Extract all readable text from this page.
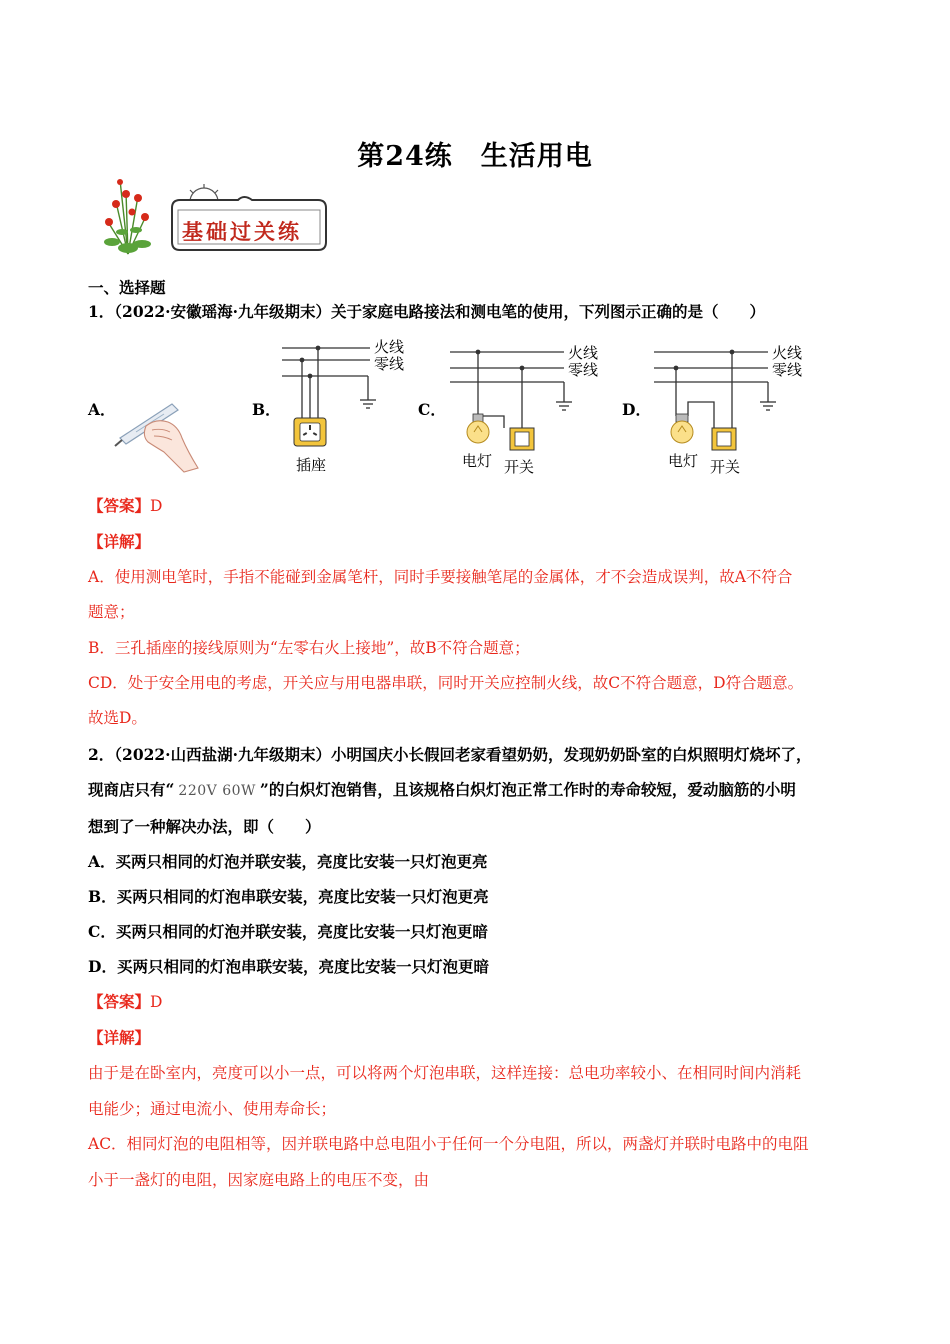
第24练 生活用电
基础过关练
一、选择题
1．（2022·安徽瑶海·九年级期末）关于家庭电路接法和测电笔的使用，下列图示正确的是（　　）
A．	B．	C．	D．
火线
零线
插座
火线
零线
电灯 开关
火线
零线
电灯 开关
【答案】D
【详解】
A．使用测电笔时，手指不能碰到金属笔杆，同时手要接触笔尾的金属体，才不会造成误判，故A不符合
题意；
B．三孔插座的接线原则为“左零右火上接地”，故B不符合题意；
CD．处于安全用电的考虑，开关应与用电器串联，同时开关应控制火线，故C不符合题意，D符合题意。
故选D。
2．（2022·山西盐湖·九年级期末）小明国庆小长假回老家看望奶奶，发现奶奶卧室的白炽照明灯烧坏了，
现商店只有“ 220V 60W ”的白炽灯泡销售，且该规格白炽灯泡正常工作时的寿命较短，爱动脑筋的小明
想到了一种解决办法，即（　　）
A．买两只相同的灯泡并联安装，亮度比安装一只灯泡更亮
B．买两只相同的灯泡串联安装，亮度比安装一只灯泡更亮
C．买两只相同的灯泡并联安装，亮度比安装一只灯泡更暗
D．买两只相同的灯泡串联安装，亮度比安装一只灯泡更暗
【答案】D
【详解】
由于是在卧室内，亮度可以小一点，可以将两个灯泡串联，这样连接：总电功率较小、在相同时间内消耗
电能少；通过电流小、使用寿命长；
AC．相同灯泡的电阻相等，因并联电路中总电阻小于任何一个分电阻，所以，两盏灯并联时电路中的电阻
小于一盏灯的电阻，因家庭电路上的电压不变，由
